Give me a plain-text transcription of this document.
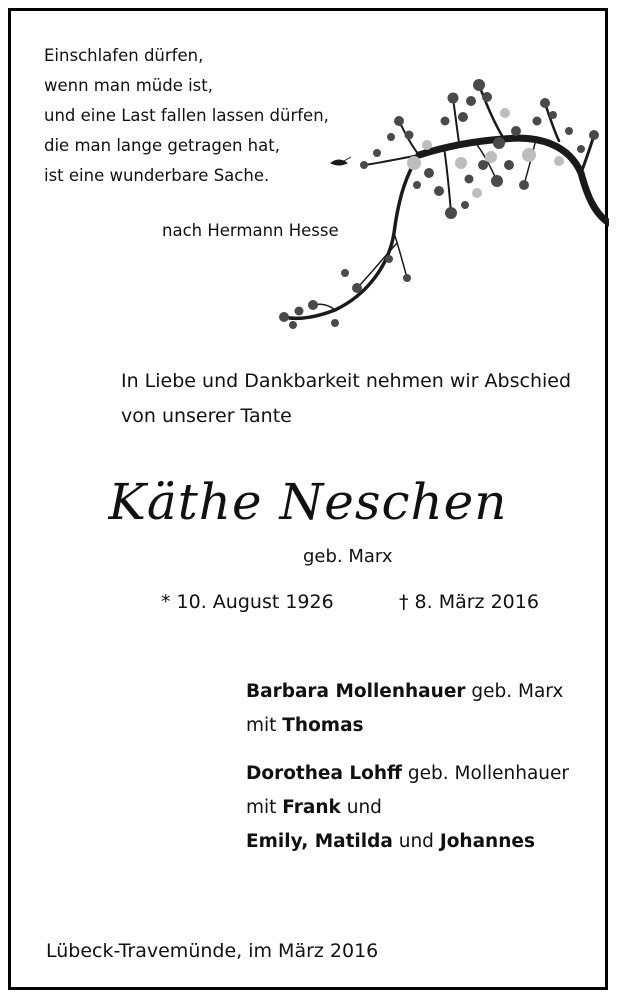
Einschlafen dürfen,
wenn man müde ist,
und eine Last fallen lassen dürfen,
die man lange getragen hat,
ist eine wunderbare Sache.
nach Hermann Hesse
In Liebe und Dankbarkeit nehmen wir Abschied
von unserer Tante
Käthe Neschen
geb. Marx
* 10. August 1926	† 8. März 2016
Barbara Mollenhauer geb. Marx
mit Thomas
Dorothea Lohff geb. Mollenhauer
mit Frank und
Emily, Matilda und Johannes
Lübeck-Travemünde, im März 2016
